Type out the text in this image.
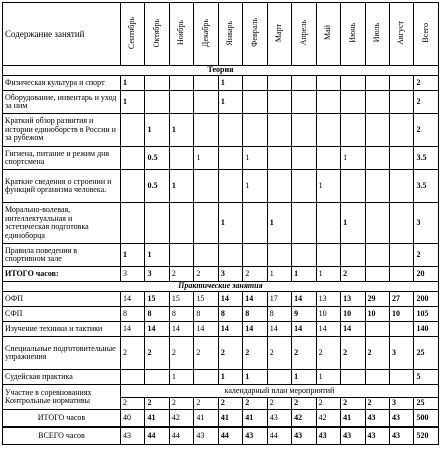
Содержание занятий	Сентябрь	Октябрь	Ноябрь	Декабрь	Январь	Февраль	Март	Апрель	Май	Июнь	Июль	Август	Всего
Теория													
Физическая культура и спорт	1				1								2
Оборудование, инвентарь и уход за ним	1				1								2
Краткий обзор развития и истории единоборств в России и за рубежом		1	1										2
Гигиена, питание и режим дня спортсмена		0.5		1		1				1			3.5
Краткие сведения о строении и функций организма человека.		0.5	1			1			1				3.5
Морально-волевая, интеллектуальная и эстетическая подготовка единоборца					1		1			1			3
Правила поведения в спортивном зале	1	1											2
ИТОГО часов:	3	3	2	2	3	2	1	1	1	2			20
Практические занятия													
ОФП	14	15	15	15	14	14	17	14	13	13	29	27	200
СФП	8	8	8	8	8	8	8	9	10	10	10	10	105
Изучение техники и тактики	14	14	14	14	14	14	14	14	14	14			140
Специальные подготовительные упражнения	2	2	2	2	2	2	2	2	2	2	2	3	25
Судейская практика			1		1	1		1	1				5
Участие в соревнованиях Контрольные нормативы	календарный план мероприятий												
	2	2	2	2	2	2	2	2	2	2	2	3	25
ИТОГО часов	40	41	42	41	41	41	43	42	42	41	43	43	500
ВСЕГО часов	43	44	44	43	44	43	44	43	43	43	43	43	520
